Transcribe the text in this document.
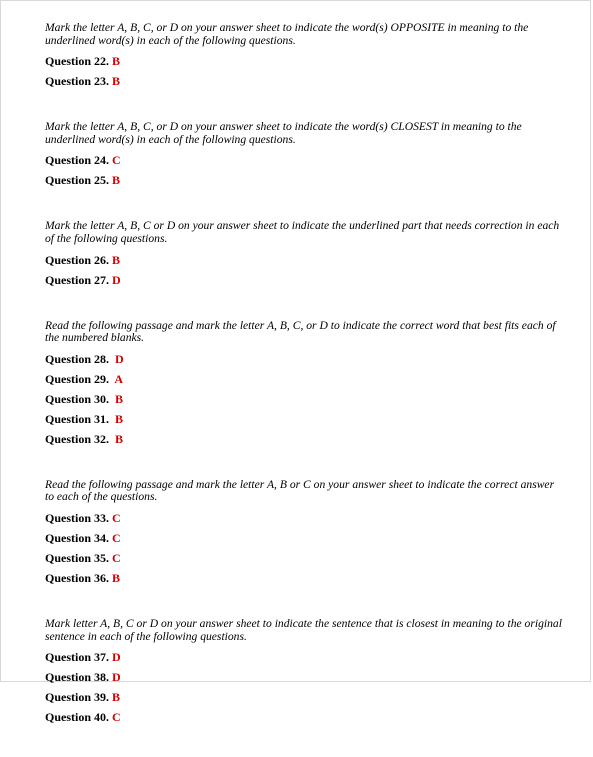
Mark the letter A, B, C, or D on your answer sheet to indicate the word(s) OPPOSITE in meaning to the underlined word(s) in each of the following questions.
Question 22. B
Question 23. B
Mark the letter A, B, C, or D on your answer sheet to indicate the word(s) CLOSEST in meaning to the underlined word(s) in each of the following questions.
Question 24. C
Question 25. B
Mark the letter A, B, C or D on your answer sheet to indicate the underlined part that needs correction in each of the following questions.
Question 26. B
Question 27. D
Read the following passage and mark the letter A, B, C, or D to indicate the correct word that best fits each of the numbered blanks.
Question 28.  D
Question 29.  A
Question 30.  B
Question 31.  B
Question 32.  B
Read the following passage and mark the letter A, B or C on your answer sheet to indicate the correct answer to each of the questions.
Question 33. C
Question 34. C
Question 35. C
Question 36. B
Mark letter A, B, C or D on your answer sheet to indicate the sentence that is closest in meaning to the original sentence in each of the following questions.
Question 37. D
Question 38. D
Question 39. B
Question 40. C
